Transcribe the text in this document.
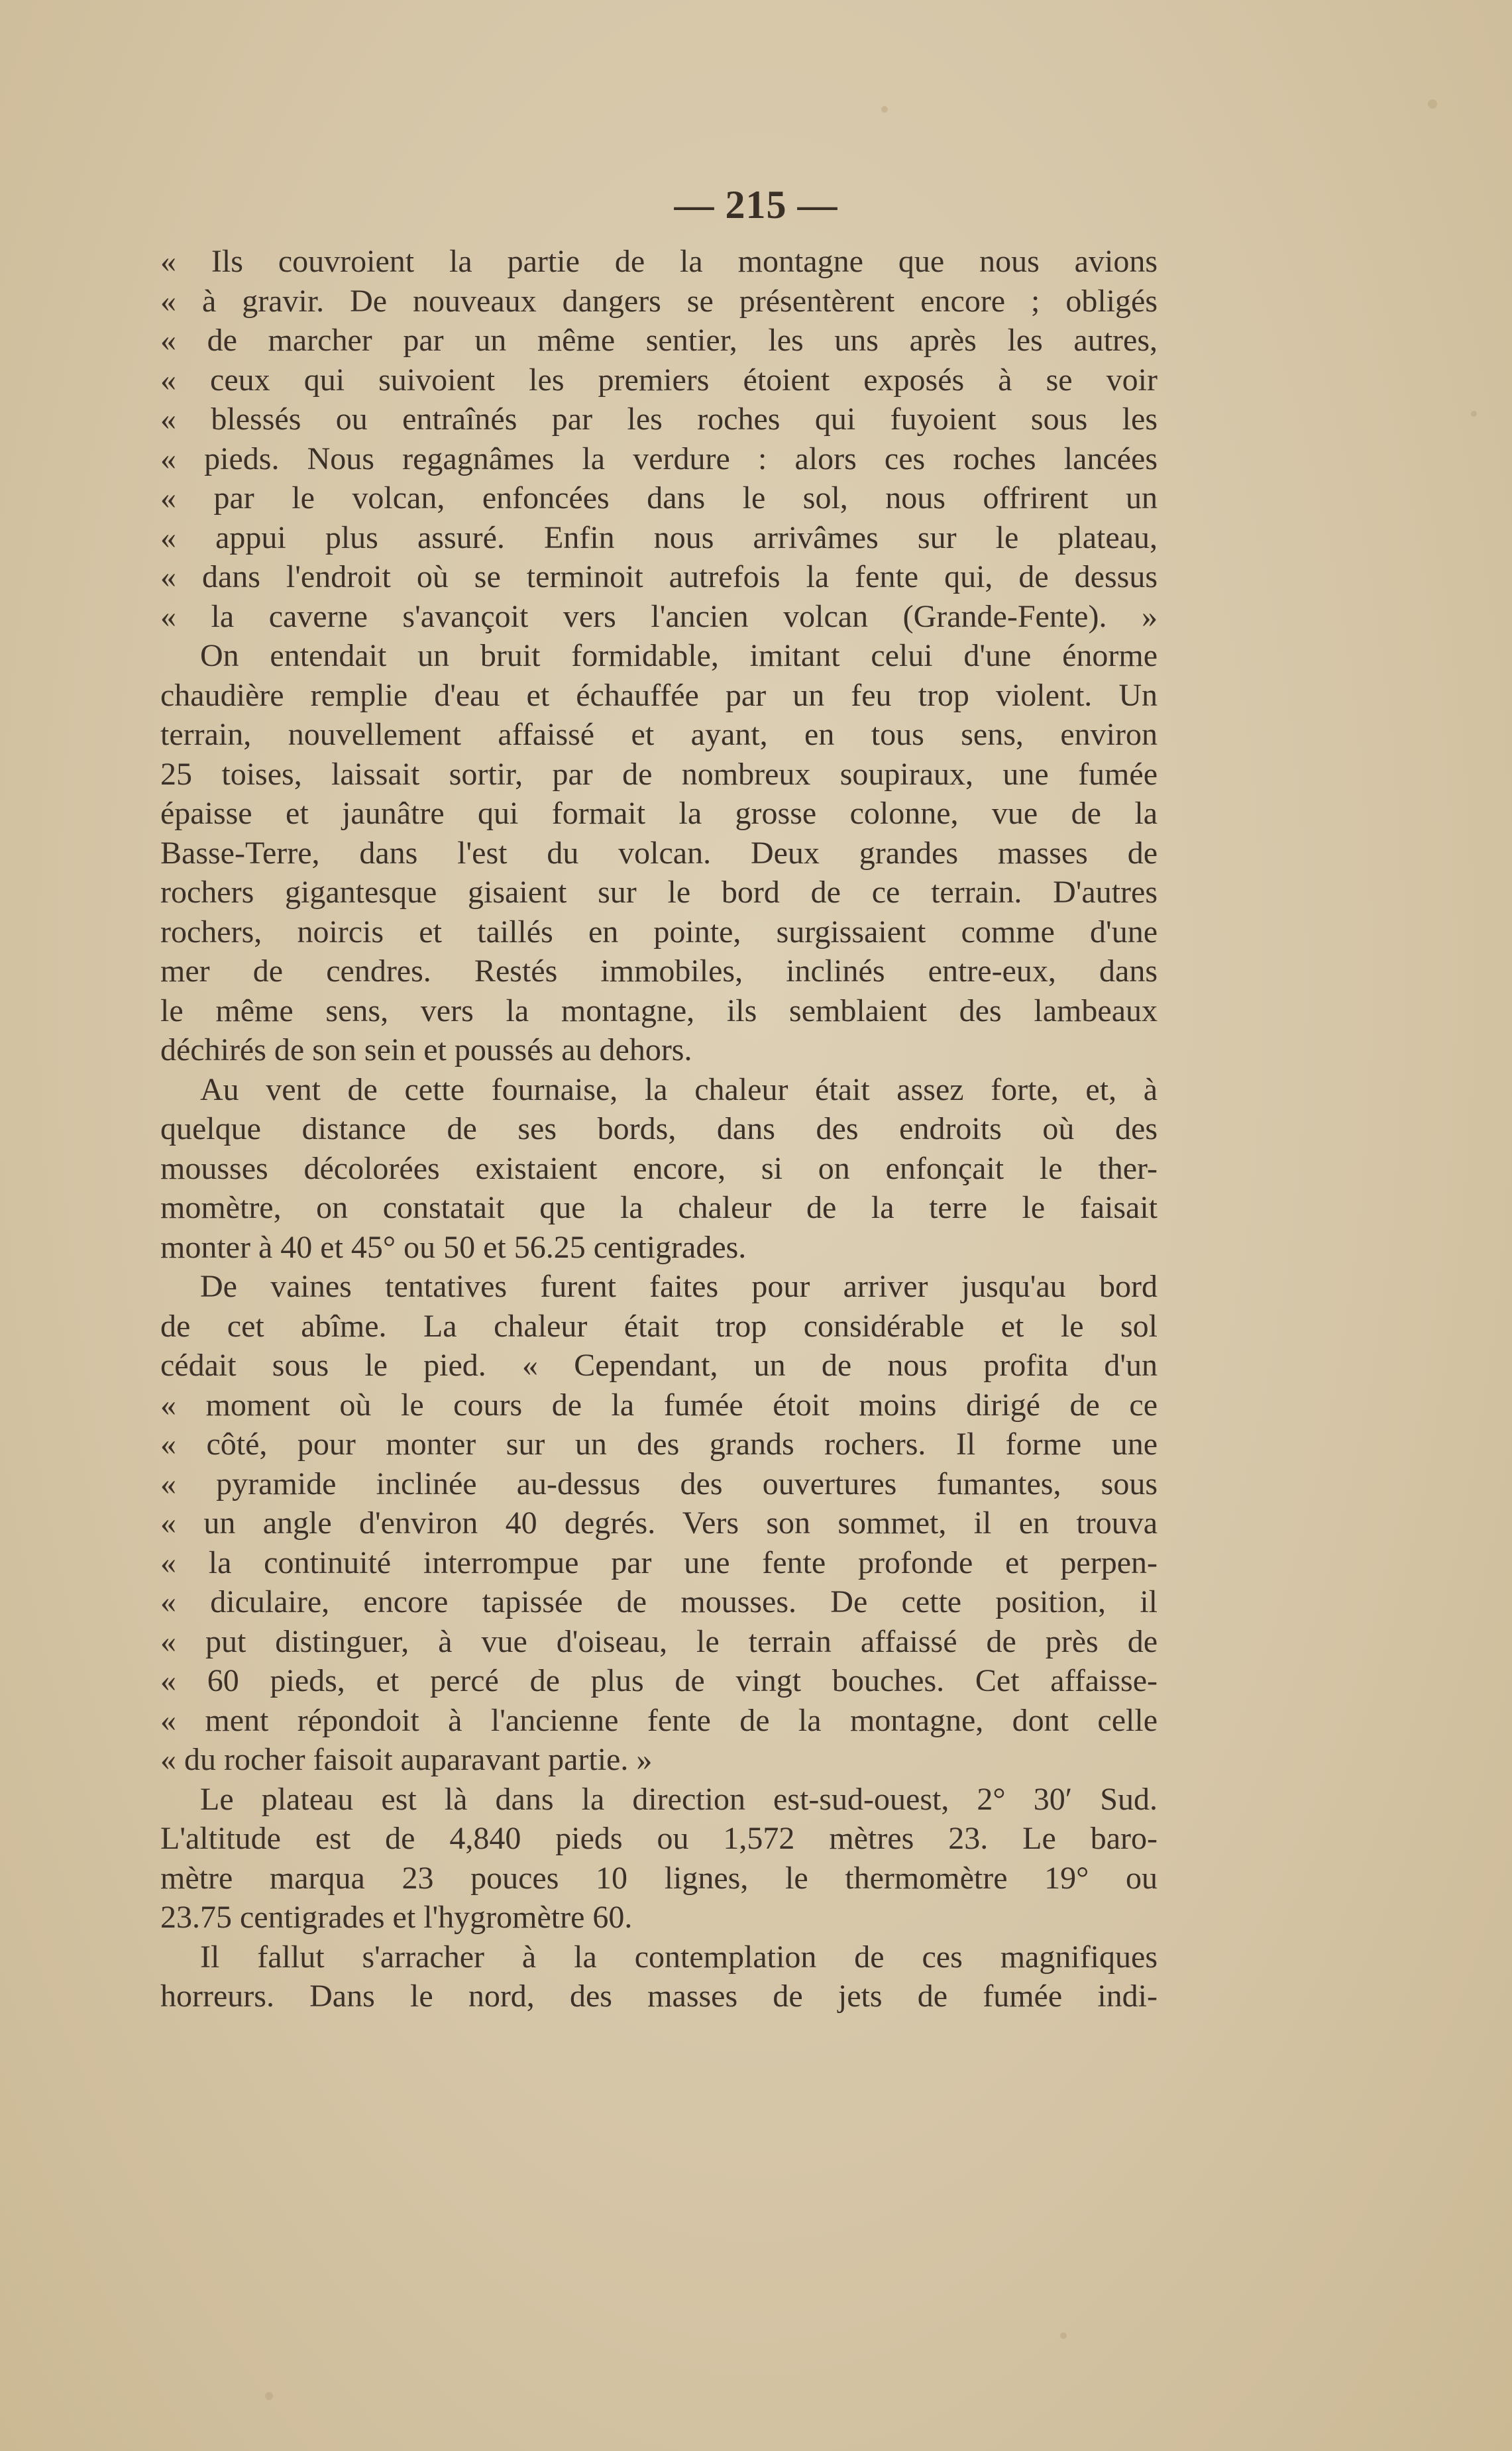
— 215 —
« Ils couvroient la partie de la montagne que nous avions
« à gravir. De nouveaux dangers se présentèrent encore ; obligés
« de marcher par un même sentier, les uns après les autres,
« ceux qui suivoient les premiers étoient exposés à se voir
« blessés ou entraînés par les roches qui fuyoient sous les
« pieds. Nous regagnâmes la verdure : alors ces roches lancées
« par le volcan, enfoncées dans le sol, nous offrirent un
« appui plus assuré. Enfin nous arrivâmes sur le plateau,
« dans l'endroit où se terminoit autrefois la fente qui, de dessus
« la caverne s'avançoit vers l'ancien volcan (Grande-Fente). »
On entendait un bruit formidable, imitant celui d'une énorme
chaudière remplie d'eau et échauffée par un feu trop violent. Un
terrain, nouvellement affaissé et ayant, en tous sens, environ
25 toises, laissait sortir, par de nombreux soupiraux, une fumée
épaisse et jaunâtre qui formait la grosse colonne, vue de la
Basse-Terre, dans l'est du volcan. Deux grandes masses de
rochers gigantesque gisaient sur le bord de ce terrain. D'autres
rochers, noircis et taillés en pointe, surgissaient comme d'une
mer de cendres. Restés immobiles, inclinés entre-eux, dans
le même sens, vers la montagne, ils semblaient des lambeaux
déchirés de son sein et poussés au dehors.
Au vent de cette fournaise, la chaleur était assez forte, et, à
quelque distance de ses bords, dans des endroits où des
mousses décolorées existaient encore, si on enfonçait le ther-
momètre, on constatait que la chaleur de la terre le faisait
monter à 40 et 45° ou 50 et 56.25 centigrades.
De vaines tentatives furent faites pour arriver jusqu'au bord
de cet abîme. La chaleur était trop considérable et le sol
cédait sous le pied. « Cependant, un de nous profita d'un
« moment où le cours de la fumée étoit moins dirigé de ce
« côté, pour monter sur un des grands rochers. Il forme une
« pyramide inclinée au-dessus des ouvertures fumantes, sous
« un angle d'environ 40 degrés. Vers son sommet, il en trouva
« la continuité interrompue par une fente profonde et perpen-
« diculaire, encore tapissée de mousses. De cette position, il
« put distinguer, à vue d'oiseau, le terrain affaissé de près de
« 60 pieds, et percé de plus de vingt bouches. Cet affaisse-
« ment répondoit à l'ancienne fente de la montagne, dont celle
« du rocher faisoit auparavant partie. »
Le plateau est là dans la direction est-sud-ouest, 2° 30′ Sud.
L'altitude est de 4,840 pieds ou 1,572 mètres 23. Le baro-
mètre marqua 23 pouces 10 lignes, le thermomètre 19° ou
23.75 centigrades et l'hygromètre 60.
Il fallut s'arracher à la contemplation de ces magnifiques
horreurs. Dans le nord, des masses de jets de fumée indi-
